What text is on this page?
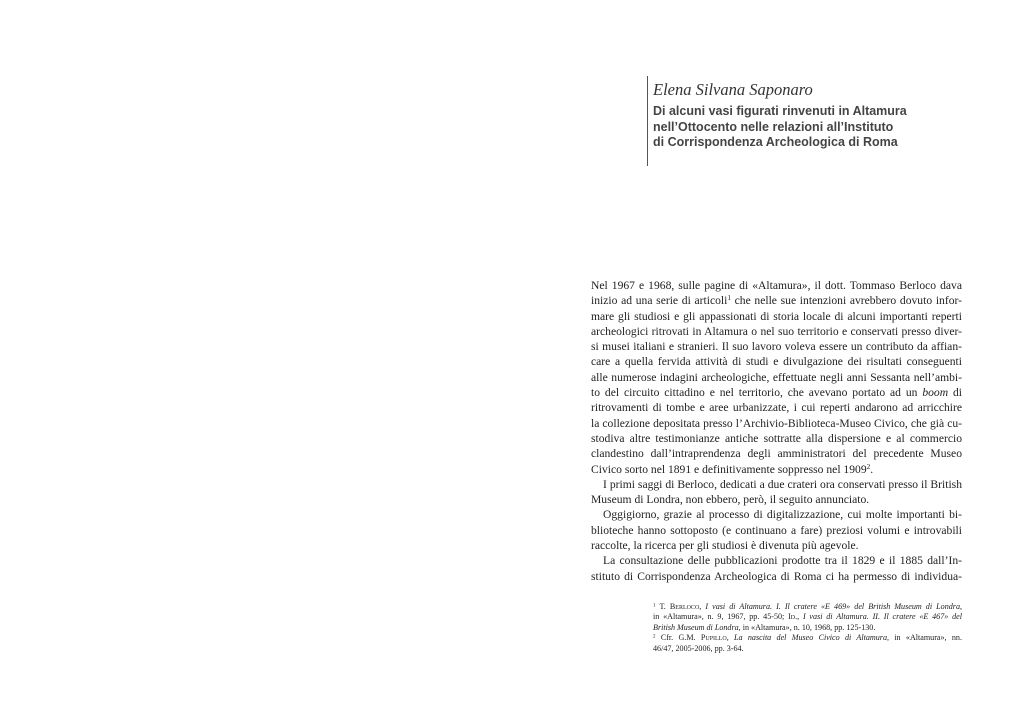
Elena Silvana Saponaro
Di alcuni vasi figurati rinvenuti in Altamura
nell’Ottocento nelle relazioni all’Instituto
di Corrispondenza Archeologica di Roma
Nel 1967 e 1968, sulle pagine di «Altamura», il dott. Tommaso Berloco dava
inizio ad una serie di articoli$^1$ che nelle sue intenzioni avrebbero dovuto infor-
mare gli studiosi e gli appassionati di storia locale di alcuni importanti reperti
archeologici ritrovati in Altamura o nel suo territorio e conservati presso diver-
si musei italiani e stranieri. Il suo lavoro voleva essere un contributo da affian-
care a quella fervida attività di studi e divulgazione dei risultati conseguenti
alle numerose indagini archeologiche, effettuate negli anni Sessanta nell’ambi-
to del circuito cittadino e nel territorio, che avevano portato ad un boom di
ritrovamenti di tombe e aree urbanizzate, i cui reperti andarono ad arricchire
la collezione depositata presso l’Archivio-Biblioteca-Museo Civico, che già cu-
stodiva altre testimonianze antiche sottratte alla dispersione e al commercio
clandestino dall’intraprendenza degli amministratori del precedente Museo
Civico sorto nel 1891 e definitivamente soppresso nel 1909$^2$.
I primi saggi di Berloco, dedicati a due crateri ora conservati presso il British
Museum di Londra, non ebbero, però, il seguito annunciato.
Oggigiorno, grazie al processo di digitalizzazione, cui molte importanti bi-
blioteche hanno sottoposto (e continuano a fare) preziosi volumi e introvabili
raccolte, la ricerca per gli studiosi è divenuta più agevole.
La consultazione delle pubblicazioni prodotte tra il 1829 e il 1885 dall’In-
stituto di Corrispondenza Archeologica di Roma ci ha permesso di individua-
$^1$ T. Berloco, I vasi di Altamura. I. Il cratere «E 469» del British Museum di Londra,
in «Altamura», n. 9, 1967, pp. 45-50; Id., I vasi di Altamura. II. Il cratere «E 467» del
British Museum di Londra, in «Altamura», n. 10, 1968, pp. 125-130.
$^2$ Cfr. G.M. Pupillo, La nascita del Museo Civico di Altamura, in «Altamura», nn.
46/47, 2005-2006, pp. 3-64.
